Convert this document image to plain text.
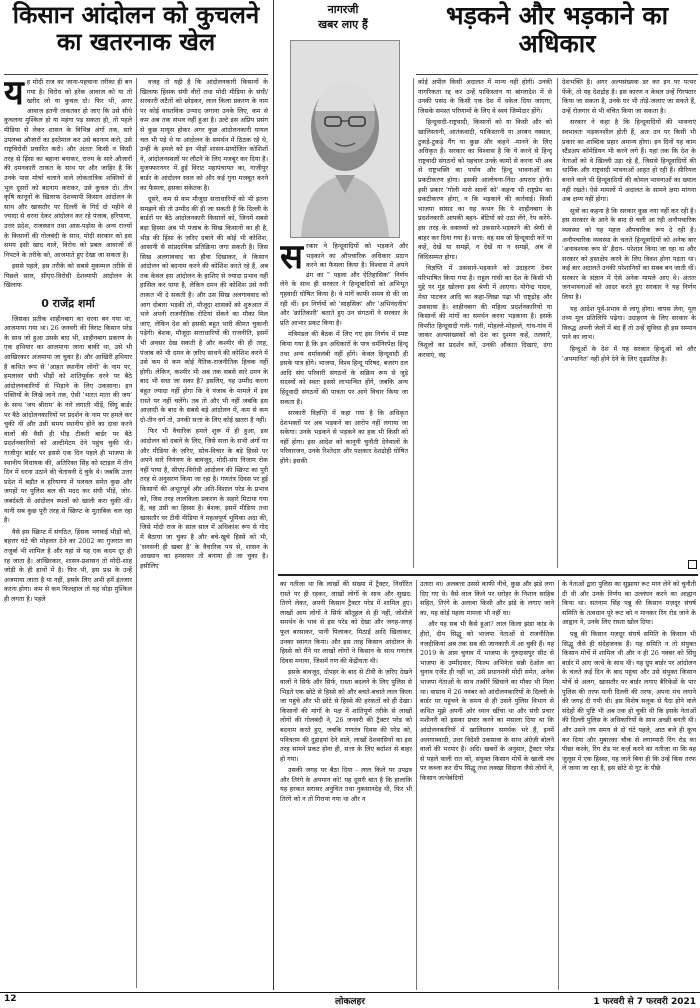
किसान आंदोलन को कुचलने का खतरनाक खेल
नागरजी
खबर लाए हैं	भड़कने और भड़काने का अधिकार
य ह मोदी राज का जाना-पहचाना तरीका ही बन गया है। विरोध को हरेक आवाज को या तो खरीद लो या कुचल दो। फिर भी, अगर आवाज इतनी ताकतवर हो जाए कि उसे सीधे कुचलना मुश्किल हो या महंगा पड़ सकता हो, तो पहले मीडिया से लेकर शासन के विभिन्न अंगों तक, सारे उपलब्ध औजारों का इस्तेमाल कर उसे बदनाम करो, उसे राष्ट्रविरोधी प्रचारित करो। और अंततः किसी न किसी तरह से हिंसा का बहाना बनाकर, राज्य के सारे औजारों की दमनकारी ताकत के साथ पर और जाहिर है कि उनके पास मोर्चा चलाने वाले लोकतांत्रिक शक्तियों से भूल दूसरों को बदनाम कराकर, उसे कुचल दो। तीन कृषि कानूनों के खिलाफ देशव्यापी किसान आंदोलन के साथ और खासतौर पर दिल्ली के गिर्द दो महीने से ज्यादा से धरना देकर आंदोलन कर रहे पंजाब, हरियाणा, उत्तर प्रदेश, राजस्थान तथा आस-पड़ोस के अन्य राज्यों के किसानों की गोलबंदी के साथ, मोदी सरकार को इस समय इसी खाद वाले, विरोध को प्रबल आवाजों से निपटने के तरीके को, आजमाते हुए देखा जा सकता है।

इससे पहले, इस तरीके को सबसे मुकम्मल तरीके से पिछले साल, सीएए-विरोधी देशव्यापी आंदोलन के खिलाफ

0 राजेंद्र शर्मा

जिसका प्रतीक शाहीनबाग का धरना बन गया था, आजमाया गया था। 26 जनवरी की विराट किसान परेड के साथ जो हुआ उसके बाद भी, शाहीनबाग प्रकरण के एक हथियार का आजमाया जाना बाकी था, उसे भी आखिरकार अजमाया जा चुका है। और आखिरी हथियार है कथित रूप से 'आहत स्थानीय लोगों' के नाम पर, हमलावर संघी भीड़ों को शांतिपूर्वक धरने पर बैठे आंदोलनकारियों से भिड़ाने के लिए उकसाना। इन पंक्तियों के लिखे जाने तक, ऐसी 'भारत माता की जय' के साथ 'जय श्रीराम' के नारे लगाती भीड़ें, सिंघु बार्डर पर बैठे आंदोलनकारियों पर प्रदर्शन के नाम पर हमले कर चुकी थीं और उसी समय स्थानीय होने का दावा करने वालों की वैसी ही भीड़ टीकरी बार्डर पर बैठे प्रदर्शनकारियों को अल्टीमेटम देने पहुंच चुकी थी। गाजीपुर बार्डर पर इससे एक दिन पहले ही भाजपा के स्थानीय विधायक की, अतिरिक्त सिंह को स्टाइल में तीन दिन में धरना उठाने की चेतावनी दे चुके थे। जबकि उत्तर प्रदेश में बड़ौत व हरियाणा में पलवल समेत कुछ और जगहों पर पुलिस बल की मदद कर संघी भीड़ें, जोर-जबर्दस्ती से आंदोलन स्थलों को खाली करा चुकी थीं। यानी सब कुछ पूरी तरह से स्क्रिप्ट के मुताबिक चल रहा है।

वैसे इस स्क्रिप्ट में संगठित, हिंसक भगवाई भीड़ों को, बहत्तर घंटे की मोहलत देने का 2002 का गुजरात का तजुर्बा भी शामिल है और यहां से यह एक कदम दूर ही रह जाता है। आखिरकार, शासन-प्रशासन तो मोदी-शाह जोड़ी के ही हाथों में है। फिर भी, इस प्रश्न के उन्हें अजमाया जाता है या नहीं, इसके लिए अभी हमें इंतजार करना होगा। कम से कम फिलहाल तो यह थोड़ा मुश्किल ही लगता है। पहले

वजह तो यही है कि आंदोलनकारी किसानों के खिलाफ हिंसक संघी वीरों तथा मोदी मीडिया के संघी/सरकारी लटैतों को छोड़कर, लाल किला प्रकरण के नाम पर कोई वास्तविक उन्माद जगाना उनके लिए, कम से कम अब तक संभव नहीं हुआ है। उल्टे इस अप्रिय प्रसंग से कुछ मायूस होकर अगर कुछ आंदोलनकारी घायल चल भी पड़े थे या आंदोलन के समर्थन में ठिठक रहे थे, उन्हीं के हमले को इन भीड़ों शासन-प्रायोजित कोशिशों ने, आंदोलनस्थलों पर लौटने के लिए मजबूर कर दिया है। मुजफ्फरनगर में हुई विराट महापंचायत का, गाजीपुर बार्डर के आंदोलन स्थल को और कई गुना मजबूत करने का फैसला, इसका संकेतक है।

दूसरे, कम से कम मौजूदा सत्ताधारियों को भी इतना समझने की तो उम्मीद की ही जा सकती है कि दिल्ली के बार्डरों पर बैठे आंदोलनकारी किसानों को, जिनमें सबसे बड़ा हिस्सा अब भी पंजाब के सिख किसानों का ही है, भीड़ की हिंसा के ज़रिए दबाने की कोई भी कोशिश, आसानी से सांप्रदायिक प्रतिक्रिया जगा सकती है। जिस सिख अलगाववाद का हौवा दिखाकर, वे किसान आंदोलन को बदनाम करने की कोशिश करते रहे हैं, अब तक केवल इस आंदोलन के हाशिए से ज्यादा प्रभाव नहीं हासिल कर पाया है, लेकिन दमन की कोशिश उसे नयी ताकत भी दे सकती है। और उस सिख अलगाववाद को आग दोबारा भड़की तो, मौजूदा शासकों को शुरुआत में भले अपनी राजनीतिक रोटियां सेंकने का मौका मिल जाए, लेकिन देश को इसकी बहुत भारी कीमत चुकानी पड़ेगी। बेशक, मौजूदा सत्ताधारियों की राजनीति, इसमें भी अवसर देख सकती है और कश्मीर की ही तरह, पंजाब को भी दमन के ज़रिए साधने की कोशिश करने में उसे कम से कम कोई नैतिक-राजनीतिक हिचक नहीं होगी। लेकिन, कश्मीर भी अब तक सबसे सारे दमन के बाद भी सधा जा सका है? इसलिए, यह उम्मीद करना बहुत ज्यादा नहीं होगा कि वे पंजाब के मामले में इस रास्ते पर नहीं चलेंगे। तब तो और भी नहीं जबकि इस आज़ादी के बाद के सबसे बड़े आंदोलन में, कम से कम दो-तीन वर्ग तो, उनकी सत्ता के लिए कोई खतरा है नहीं।

फिर भी वैचारिक हमले शुरू में ही हुआ, इस आंदोलन को दबाने के लिए, जिसे सत्ता के सभी अंगों पर और मीडिया के ज़रिए, सोच-विचार के बड़े हिस्से पर अपने सारे नियंत्रण के बावजूद, मोदी-संघ निजाम रोक नहीं पाया है, सीएए-विरोधी आंदोलन की स्क्रिप्ट का पूरी तरह से अनुसरण किया जा रहा है। गणतंत्र दिवस पर हुई किसानों की अभूतपूर्व और अति-विशाल परेड के प्रभाव को, जिस तरह लालकिला प्रकरण के सहारे मिटाया गया है, वह उसी का हिस्सा है। बेशक, इसमें मीडिया तथा खासतौर पर टीवी मीडिया ने महत्वपूर्ण भूमिका अदा की, जिसे मोदी राज के साल साल में अधिकांश रूप से गोद में बैठाया जा चुका है और बचे-खुचे हिस्से को भी, 'सनसनी ही खबर है' के वैचारिक पथ से, शासन के आख्यान का हमसफर तो बनाया ही जा चुका है। इसीलिए

स रकार ने हिन्दूवादियों को भड़कने और भड़काने का औपचारिक अधिकार प्रदान करने का फैसला किया है। विश्वास में अपने ढंग का " पहला और ऐतिहासिक" निर्णय लेने के साथ ही सरकार ने हिन्दूवादियों को अभिभूत गृहवादी घोषित किया है। वे मांगें काफी समय से की जा रही थीं। इन निर्णयों को 'साहसिक' और 'अभिनंदनीय' और 'क्रांतिकारी' बताते हुए उन संगठनों ने सरकार के प्रति आभार प्रकट किया है।

मंत्रिमंडल की बैठक में लिए गए इस निर्णय में स्पष्ट किया गया है कि इन अधिकारों के पात्र धर्मनिरपेक्ष हिन्दू तथा अन्य धर्मावलंबी नहीं होंगे। केवल हिन्दूवादी ही इसके पात्र होंगे। भाजपा, विश्व हिन्दू परिषद, बजरंग दल आदि संघ परिवारी संगठनों के सक्रिय रूप से जुड़े सदस्यों को स्वतः इससे लाभान्वित होंगे, जबकि अन्य हिंदूवादी संगठनों की पात्रता पर आगे विचार किया जा सकता है।

सरकारी विज्ञप्ति में कहा गया है कि अधिकृत देशभक्तों पर अब भड़कने का आरोप नहीं लगाया जा सकेगा। उनके भड़कने से भड़कने का हक भी किसी को नहीं होगा। इस आदेश को कानूनी चुनौती देनेवालों के परिवारजन, उनके रिश्तेदार और पक्षकार देशद्रोही घोषित होंगे। इसकी

कोई अपील किसी अदालत में मान्य नहीं होगी। उनकी नागरिकता रद्द कर उन्हें पाकिस्तान या बांग्लादेश में से उनकी पसंद के किसी एक देश में धकेल दिया जाएगा, जिसके समस्त परिणामों के लिए वे स्वयं जिम्मेदार होंगे।

हिन्दूवादी-राष्ट्रवादी, किसानों को या किसी और को खालिस्तानी, आतंकवादी, पाकिस्तानी या अरबन नक्सल, टुकड़े-टुकड़े गैंग या कुछ और कहने -मानने के लिए अधिकृत हैं। सरकार का विश्वास है कि ये करने से हिन्दू राष्ट्रवादी संगठनों को पहचान उनके कामों से करना भी अब से राष्ट्रभक्ति का पर्याय और हिन्दू भावनाओं का प्रकटीकरण होगा। इसकी आलोचना-निंदा अपराध होगी। इसी प्रकार 'गोली मारो सालों को' कहना भी राष्ट्रप्रेम का प्रकटीकरण होगा, न कि भड़काने की कार्रवाई। किसी भाजपा सांसद का यह कथन कि ये शाहीनबाग के प्रदर्शनकारी आपकी बहन- बेटियों को उठा लेंगे, रेप करेंगे-इस तरह के वक्तव्यों को उकसाने-भड़काने की श्रेणी से बाहर कर दिया गया है। सत्ता: वह सब जो हिन्दूवादी करें या कहें, देखें या समझें, न देखें या न समझें, अब से विधिसम्मत होगा।

विज्ञप्ति में उकसाने-भड़काने को उदाहरण देकर परिभाषित किया गया है। राहुल गांधी का देश के किसी भी मुद्दे पर मुंह खोलना इस श्रेणी में आएगा। योगेन्द्र यादव, मेधा पाटकर आदि का कहा-लिखा पढ़ा भी राष्ट्रद्रोह और उकसावा है। शाहीनबाग की महिला प्रदर्शनकारियों या किसानों की मांगों का समर्थन करना भड़काना है। इसके विपरीत हिन्दूवादी गली- गली, मोहल्ले-मोहल्ले, गांव-गांव में जाकर अल्पसंख्यकों को देश का दुश्मन कहें, तलवारें, त्रिशूलों का प्रदर्शन करें, उनकी औकात दिखाएं, दंगा करवाएं, वह

देशभक्ति है। अगर अल्पसंख्यक डर कर इन पर पत्थर फेंकें, तो यह देशद्रोह है। इस कारण न केवल उन्हें गिरफ्तार किया जा सकता है, उनके घर भी तोड़े-जलाए जा सकते हैं, उन्हें रोजगार से भी वंचित किया जा सकता है।

सरकार ने कहा है कि हिन्दूवादियों की भावनाएं स्वभावतः भड़कनशील होती हैं, अतः उन पर किसी भी प्रकार का शाब्दिक प्रहार अमान्य होगा। इन दिनों यह काम स्टैंडअप कॉमेडियन भी करने लगे हैं। यहां तक कि देश के नेताओं को वे खिल्ली उड़ा रहे हैं, जिससे हिन्दूवादियों की धार्मिक और राष्ट्रवादी भावनाओं आहत हो रही हैं। सीरियल बनाने वाले भी हिन्दूवादियों की कोमल भावनाओं का ख्याल नहीं रखते। ऐसे मामलों में अदालत के सामने क्षमा मांगना अब क्षम्य नहीं होगा।

सूत्रों का कहना है कि सरकार कुछ नया नहीं कर रही है। इस सरकार के आने के बाद से चली आ रही अनौपचारिक व्यवस्था को यह महज औपचारिक रूप दे रही है। अनौपचारिक व्यवस्था के चलते हिन्दूवादियों को अनेक बार 'अनावश्यक रूप से' हैरान- परेशान किया जा रहा था और सरकार को हस्तक्षेप करने के लिए विवश होना पड़ता था। कई बार अदालतें उनकी परेशानियों का सबब बन जाती थीं। सरकार के संज्ञान में ऐसे अनेक मामले आए थे। अंततः जनभावनाओं को आदर करते हुए सरकार ने यह निर्णय लिया है।

यह आदेश पूर्व-प्रभाव से लागू होगा। वापस लेना, मूल तथ्य मूल प्रतिलिपि पढ़ेगा। उदाहरण के लिए सरकार के विरुद्ध अपनी जेलों में बंद हैं तो उन्हें सुविधा ही इस सम्मान पाने का लाभ।

हिन्दुओं के देश में यह सरकार हिन्दुओं को और 'अपमानित' नहीं होने देने के लिए दृढ़प्रतिज्ञ है।

का नतीजा था कि लाखों की संख्या में ट्रैक्टर, निर्धारित रास्ते पर ही रहकर, लाखों लोगों के साथ और सुखद: तिरंगे लेकर, अपनी किसान ट्रैक्टर परेड में शामिल हुए। लाखों आम लोगों ने सिर्फ कौतूहल से ही नहीं, जोशीले समर्थन के भाव से इस परेड को देखा और जगह-जगह फूल बरसाकर, पानी पिलाकर, मिठाई आदि खिलाकर, उनका स्वागत किया। और इस तरह किसान आंदोलन के हिस्से को मैंने पर लाखों लोगों ने किसान के साथ गणतंत्र दिवस मनाया, जिसमें गण की केंद्रीयता थी।

इसके बावजूद, दोपहर के बाद से टीवी के ज़रिए देखने वालों ने सिर्फ और सिर्फ, रास्ता बदलने के लिए पुलिस से भिड़ते एक छोटे से हिस्से को और बचते-बचाते लाल किला जा पहुंचे और भी छोटे से हिस्से की हरकतों को ही देखा। किसानों की मांगों के पक्ष में शांतिपूर्ण तरीके से लाखों लोगों की गोलबंदी ने, 26 जनवरी की ट्रैक्टर परेड को बदनाम करते हुए, जबकि गणतंत्र दिवस की परेड को, पवित्रतम की दुहाइयां देने वाले, लाखों देशवासियों का इस तरह सामने प्रकट होना ही, सत्ता के लिए बर्दाश्त से बाहर हो गया।

उसकी जगह पर बैठा दिया - लाल किले पर उपद्रव और तिरंगे के अपमान को! यह दूसरी बात है कि हालांकि यह हरकत सरासर अनुचित तथा नुकसानदेह थी, फिर भी तिरंगे को न तो गिराया गया था और न

उतारा था। अलबत्ता उससे काफी नीचे, कुछ और झंडे लगा दिए गए थे। वैसे लाल किले पर धरोहर के निशान साहिब सहित, तिरंगे के अलावा किसी और झंडे के लगाए जाने का, यह कोई पहला मामला भी नहीं था।

और यह सब भी कैसे हुआ? लाल किला झंडा कांड के हीरो, दीप सिद्धू को भाजपा नेताओं से राजनीतिक नजदीकियां अब तक सब की जानकारी में आ चुकी हैं। यह 2019 के आम चुनाव में भाजपा के गुरुदासपुर सीट से भाजपा के उम्मीदवार, फिल्म अभिनेता सन्नी देओल का चुनाव एजेंट ही नहीं था, उसे प्रधानमंत्री मोदी समेत, अनेक भाजपा नेताओं के साथ तस्वीरें खिंचाने का मौका भी मिला था। वास्तव में 26 नवंबर को आंदोलनकारियों के दिल्ली के बार्डर पर पहुंचने के समय से ही उसने पुलिस विभाग से कथित मुझे अपनी ओर ध्यान खींचा था और संघी प्रचार मशीनरी को इसका प्रचार करने का मसाला दिया था कि आंदोलनकारियों में खालिस्तान समर्थक भरे हैं, इनमें अलगाववादी, उधर विदेशी उकसावा के साथ अंग्रेज़ी बोलने वालों की भरमार है। अदि। खबरों के अनुसार, ट्रैक्टर परेड से पहले वाली रात को, संयुक्त किसान मोर्चे के खाली मंच पर कब्जा कर दीप सिद्धू तथा लक्खा सिदाना जैसे लोगों ने, किसान जत्थेबंदियों

के नेताओं द्वारा पुलिस का सुझाया रूट मान लेने को चुनौती दी थी और उनके निर्णय का उल्लंघन करने का आह्वान किया था। सतनाम सिंह पन्नू की किसान मज़दूर संघर्ष समिति के तत्वधान पूरे रूट को न मानकर रिंग रोड जाने के आह्वान ने, उनके लिए रास्ता खोल दिया।

पन्नू की किसान मज़दूर संघर्ष समिति के किसान भी सिद्धू जैसे ही संदेहजनक हैं। यह समिति न तो संयुक्त किसान मोर्चे में शामिल थी और न ही 26 नवंबर को सिंघु बार्डर में आए जत्थे के साथ थी। यह ग्रुप बार्डर पर आंदोलन के चलते कई दिन के बाद पहुंचा और उसे संयुक्त किसान मोर्चे से अलग, खासतौर पर बार्डर लगाए बैरिकेडों के पार पुलिस की तरफ यानी दिल्ली की तरफ, अपना मंच लगाने की जगह दी गयी थी। इस विशेष सलूक से पैदा होने वाले संदेहों की पुष्टि भी अब तक हो चुकी थी कि इसके नेताओं की दिल्ली पुलिस के अधिकारियों के साथ अच्छी बनती थी। और उसने तय समय से दो घंटे पहले, आठ बजे ही कूच कर दिया और मुबारका चौक से लगाम्पारी रिंग रोड का पीछा करके, रिंग रोड पर कर्ज़ करने का नतीजा था कि वह जुलूस में एक हिस्सा, यह जाने बिना ही कि उन्हें किस तरफ ले जाया जा रहा है, इस छोटे से गुट के पीछे

12	लोकलहर	1 फरवरी से 7 फरवरी 2021
